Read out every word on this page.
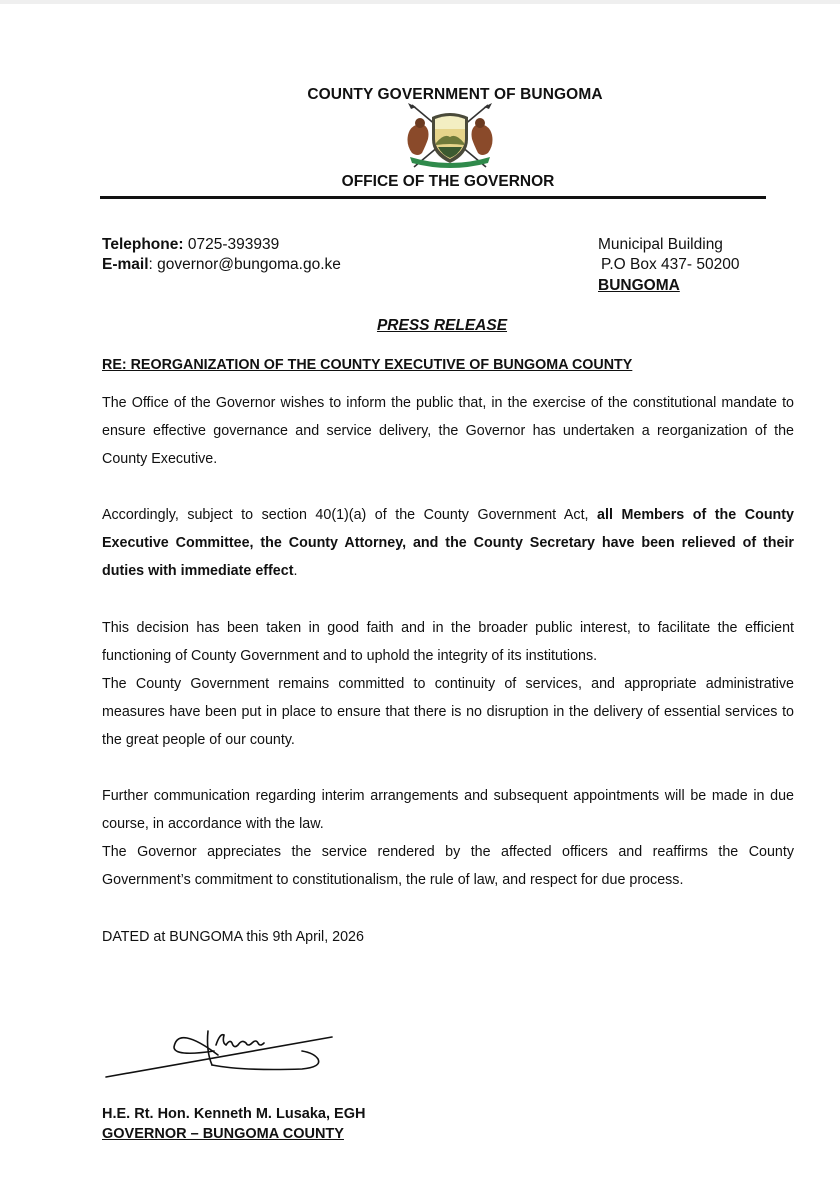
COUNTY GOVERNMENT OF BUNGOMA
OFFICE OF THE GOVERNOR
Telephone: 0725-393939
E-mail: governor@bungoma.go.ke
Municipal Building
P.O Box 437- 50200
BUNGOMA
PRESS RELEASE
RE: REORGANIZATION OF THE COUNTY EXECUTIVE OF BUNGOMA COUNTY
The Office of the Governor wishes to inform the public that, in the exercise of the constitutional mandate to ensure effective governance and service delivery, the Governor has undertaken a reorganization of the County Executive.
Accordingly, subject to section 40(1)(a) of the County Government Act, all Members of the County Executive Committee, the County Attorney, and the County Secretary have been relieved of their duties with immediate effect.
This decision has been taken in good faith and in the broader public interest, to facilitate the efficient functioning of County Government and to uphold the integrity of its institutions.
The County Government remains committed to continuity of services, and appropriate administrative measures have been put in place to ensure that there is no disruption in the delivery of essential services to the great people of our county.
Further communication regarding interim arrangements and subsequent appointments will be made in due course, in accordance with the law.
The Governor appreciates the service rendered by the affected officers and reaffirms the County Government’s commitment to constitutionalism, the rule of law, and respect for due process.
DATED at BUNGOMA this 9th April, 2026
H.E. Rt. Hon. Kenneth M. Lusaka, EGH
GOVERNOR – BUNGOMA COUNTY
